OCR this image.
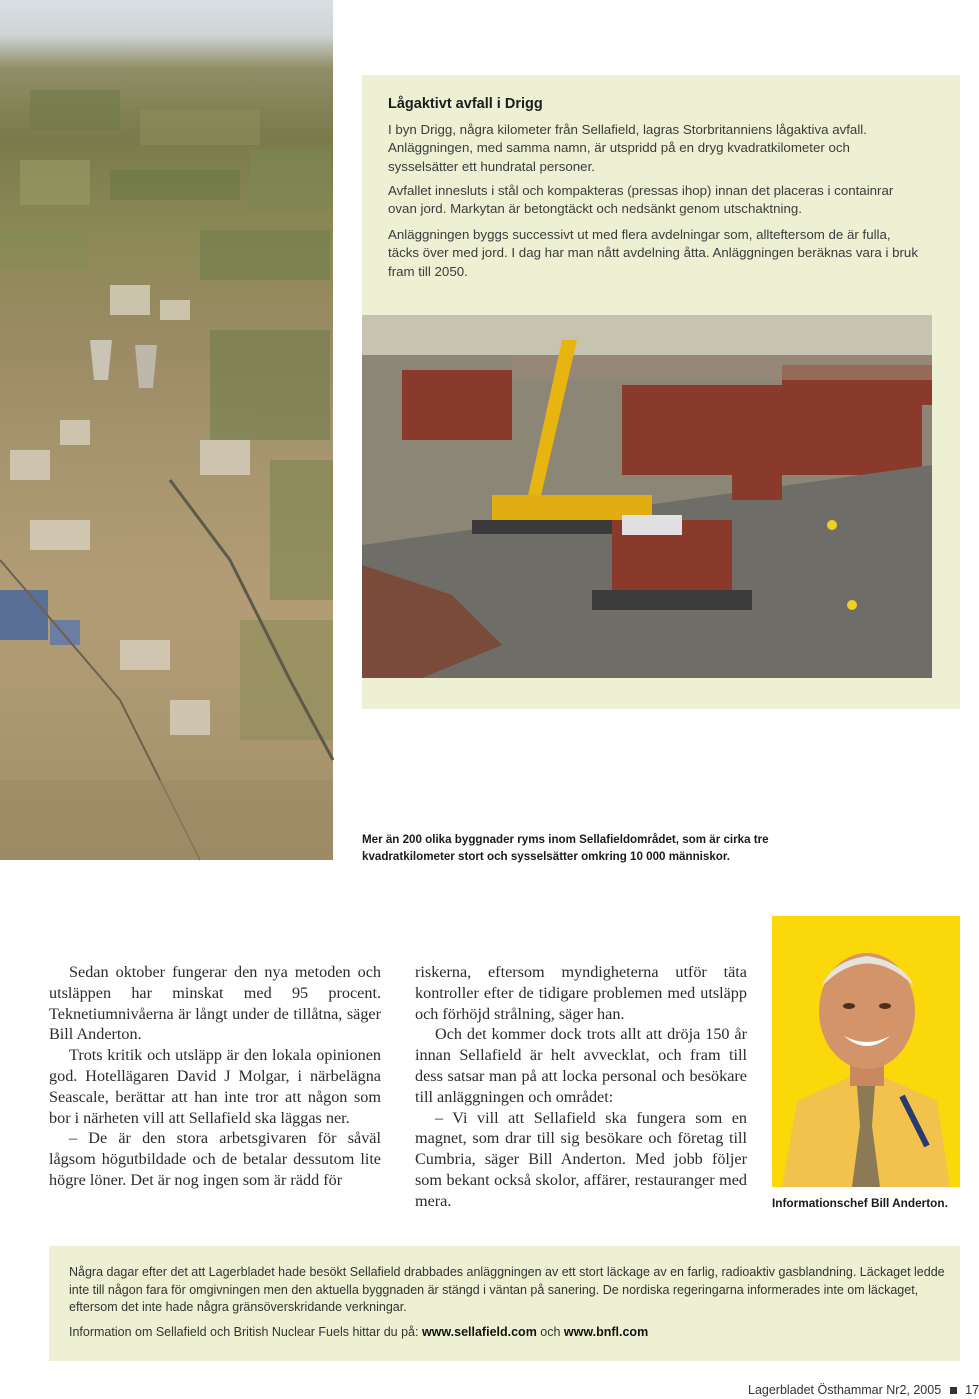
Lågaktivt avfall i Drigg
I byn Drigg, några kilometer från Sellafield, lagras Storbritanniens lågaktiva avfall. Anläggningen, med samma namn, är utspridd på en dryg kvadratkilometer och sysselsätter ett hundratal personer.
Avfallet innesluts i stål och kompakteras (pressas ihop) innan det placeras i containrar ovan jord. Markytan är betongtäckt och nedsänkt genom utschaktning.
Anläggningen byggs successivt ut med flera avdelningar som, allteftersom de är fulla, täcks över med jord. I dag har man nått avdelning åtta. Anläggningen beräknas vara i bruk fram till 2050.
Mer än 200 olika byggnader ryms inom Sellafieldområdet, som är cirka tre kvadratkilometer stort och sysselsätter omkring 10 000 människor.

Sedan oktober fungerar den nya metoden och utsläppen har minskat med 95 procent. Teknetiumnivåerna är långt under de tillåtna, säger Bill Anderton.

Trots kritik och utsläpp är den lokala opinionen god. Hotellägaren David J Molgar, i närbelägna Seascale, berättar att han inte tror att någon som bor i närheten vill att Sellafield ska läggas ner.

– De är den stora arbetsgivaren för såväl lågsom högutbildade och de betalar dessutom lite högre löner. Det är nog ingen som är rädd för

riskerna, eftersom myndigheterna utför täta kontroller efter de tidigare problemen med utsläpp och förhöjd strålning, säger han.

Och det kommer dock trots allt att dröja 150 år innan Sellafield är helt avvecklat, och fram till dess satsar man på att locka personal och besökare till anläggningen och området:

– Vi vill att Sellafield ska fungera som en magnet, som drar till sig besökare och företag till Cumbria, säger Bill Anderton. Med jobb följer som bekant också skolor, affärer, restauranger med mera.	Informationschef Bill Anderton.
Några dagar efter det att Lagerbladet hade besökt Sellafield drabbades anläggningen av ett stort läckage av en farlig, radioaktiv gasblandning. Läckaget ledde inte till någon fara för omgivningen men den aktuella byggnaden är stängd i väntan på sanering. De nordiska regeringarna informerades inte om läckaget, eftersom det inte hade några gränsöverskridande verkningar.
Information om Sellafield och British Nuclear Fuels hittar du på: www.sellafield.com och www.bnfl.com
Lagerbladet Östhammar Nr2, 2005 17
